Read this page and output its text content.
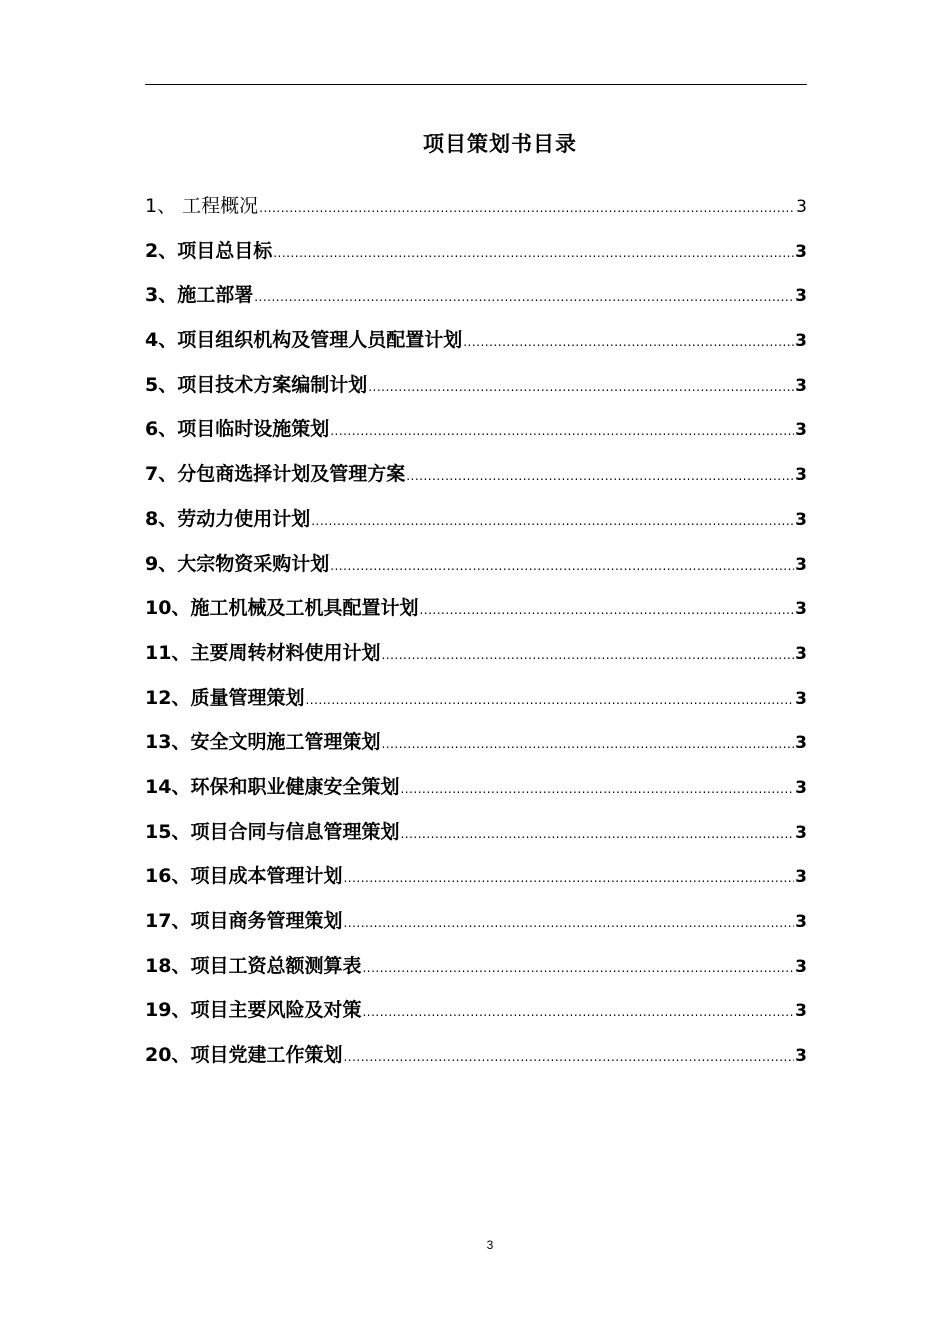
项目策划书目录
1、 工程概况 .....	3
2、项目总目标 .....	3
3、施工部署 .....	3
4、项目组织机构及管理人员配置计划 .....	3
5、项目技术方案编制计划 .....	3
6、项目临时设施策划 .....	3
7、分包商选择计划及管理方案 .....	3
8、劳动力使用计划 .....	3
9、大宗物资采购计划 .....	3
10、施工机械及工机具配置计划 .....	3
11、主要周转材料使用计划 .....	3
12、质量管理策划 .....	3
13、安全文明施工管理策划 .....	3
14、环保和职业健康安全策划 .....	3
15、项目合同与信息管理策划 .....	3
16、项目成本管理计划 .....	3
17、项目商务管理策划 .....	3
18、项目工资总额测算表 .....	3
19、项目主要风险及对策 .....	3
20、项目党建工作策划 .....	3
3
